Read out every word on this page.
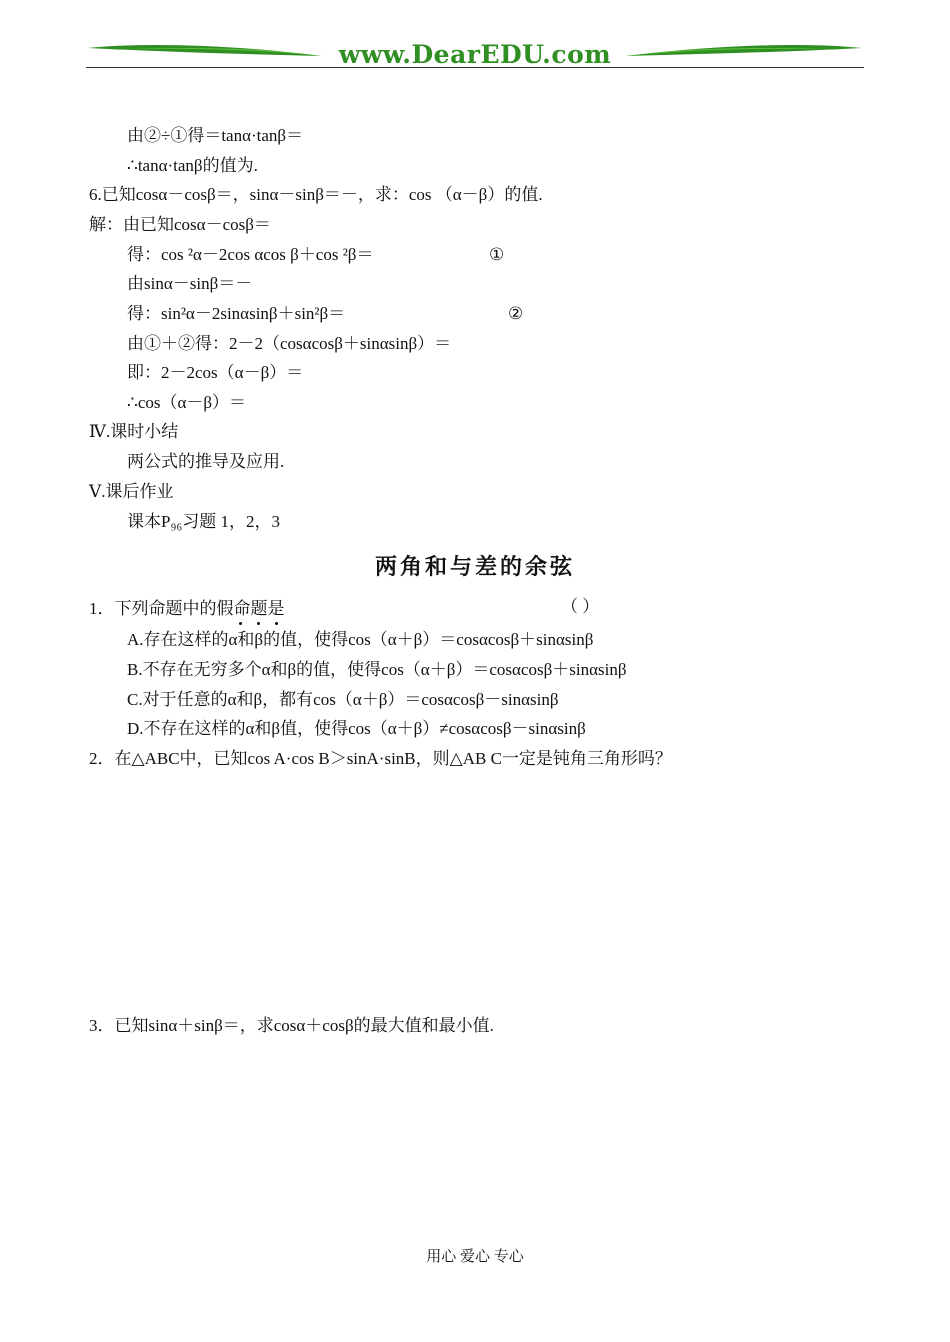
www.DearEDU.com
由②÷①得＝tanα·tanβ＝
∴tanα·tanβ的值为.
6.已知cosα－cosβ＝，sinα－sinβ＝－，求：cos （α－β）的值.
解：由已知cosα－cosβ＝
得：cos ²α－2cos αcos β＋cos ²β＝	①
由sinα－sinβ＝－
得：sin²α－2sinαsinβ＋sin²β＝	②
由①＋②得：2－2（cosαcosβ＋sinαsinβ）＝
即：2－2cos（α－β）＝
∴cos（α－β）＝
Ⅳ.课时小结
两公式的推导及应用.
Ⅴ.课后作业
课本P₉₆习题 1，2，3
两角和与差的余弦
1．下列命题中的假命题是	（ ）
A.存在这样的α和β的值，使得cos（α＋β）＝cosαcosβ＋sinαsinβ
B.不存在无穷多个α和β的值，使得cos（α＋β）＝cosαcosβ＋sinαsinβ
C.对于任意的α和β，都有cos（α＋β）＝cosαcosβ－sinαsinβ
D.不存在这样的α和β值，使得cos（α＋β）≠cosαcosβ－sinαsinβ
2．在△ABC中，已知cos A·cos B＞sinA·sinB，则△AB C一定是钝角三角形吗？
3．已知sinα＋sinβ＝，求cosα＋cosβ的最大值和最小值.
用心 爱心 专心
